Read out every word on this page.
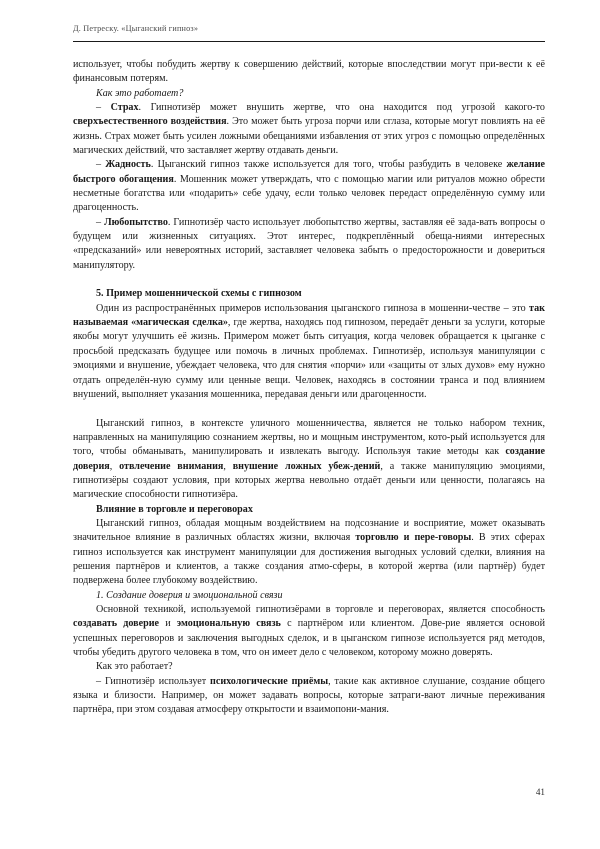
Д. Петреску. «Цыганский гипноз»

использует, чтобы побудить жертву к совершению действий, которые впоследствии могут при-вести к её финансовым потерям.

Как это работает?

– Страх. Гипнотизёр может внушить жертве, что она находится под угрозой какого-то сверхъестественного воздействия. Это может быть угроза порчи или сглаза, которые могут повлиять на её жизнь. Страх может быть усилен ложными обещаниями избавления от этих угроз с помощью определённых магических действий, что заставляет жертву отдавать деньги.

– Жадность. Цыганский гипноз также используется для того, чтобы разбудить в человеке желание быстрого обогащения. Мошенник может утверждать, что с помощью магии или ритуалов можно обрести несметные богатства или «подарить» себе удачу, если только человек передаст определённую сумму или драгоценность.

– Любопытство. Гипнотизёр часто использует любопытство жертвы, заставляя её зада-вать вопросы о будущем или жизненных ситуациях. Этот интерес, подкреплённый обеща-ниями интересных «предсказаний» или невероятных историй, заставляет человека забыть о предосторожности и довериться манипулятору.

5. Пример мошеннической схемы с гипнозом

Один из распространённых примеров использования цыганского гипноза в мошенни-честве – это так называемая «магическая сделка», где жертва, находясь под гипнозом, передаёт деньги за услуги, которые якобы могут улучшить её жизнь. Примером может быть ситуация, когда человек обращается к цыганке с просьбой предсказать будущее или помочь в личных проблемах. Гипнотизёр, используя манипуляции с эмоциями и внушение, убеждает человека, что для снятия «порчи» или «защиты от злых духов» ему нужно отдать определён-ную сумму или ценные вещи. Человек, находясь в состоянии транса и под влиянием внушений, выполняет указания мошенника, передавая деньги или драгоценности.

Цыганский гипноз, в контексте уличного мошенничества, является не только набором техник, направленных на манипуляцию сознанием жертвы, но и мощным инструментом, кото-рый используется для того, чтобы обманывать, манипулировать и извлекать выгоду. Используя такие методы как создание доверия, отвлечение внимания, внушение ложных убеж-дений, а также манипуляцию эмоциями, гипнотизёры создают условия, при которых жертва невольно отдаёт деньги или ценности, полагаясь на магические способности гипнотизёра.

Влияние в торговле и переговорах

Цыганский гипноз, обладая мощным воздействием на подсознание и восприятие, может оказывать значительное влияние в различных областях жизни, включая торговлю и пере-говоры. В этих сферах гипноз используется как инструмент манипуляции для достижения выгодных условий сделки, влияния на решения партнёров и клиентов, а также создания атмо-сферы, в которой жертва (или партнёр) будет подвержена более глубокому воздействию.

1. Создание доверия и эмоциональной связи

Основной техникой, используемой гипнотизёрами в торговле и переговорах, является способность создавать доверие и эмоциональную связь с партнёром или клиентом. Дове-рие является основой успешных переговоров и заключения выгодных сделок, и в цыганском гипнозе используется ряд методов, чтобы убедить другого человека в том, что он имеет дело с человеком, которому можно доверять.

Как это работает?

– Гипнотизёр использует психологические приёмы, такие как активное слушание, создание общего языка и близости. Например, он может задавать вопросы, которые затраги-вают личные переживания партнёра, при этом создавая атмосферу открытости и взаимопони-мания.

41
